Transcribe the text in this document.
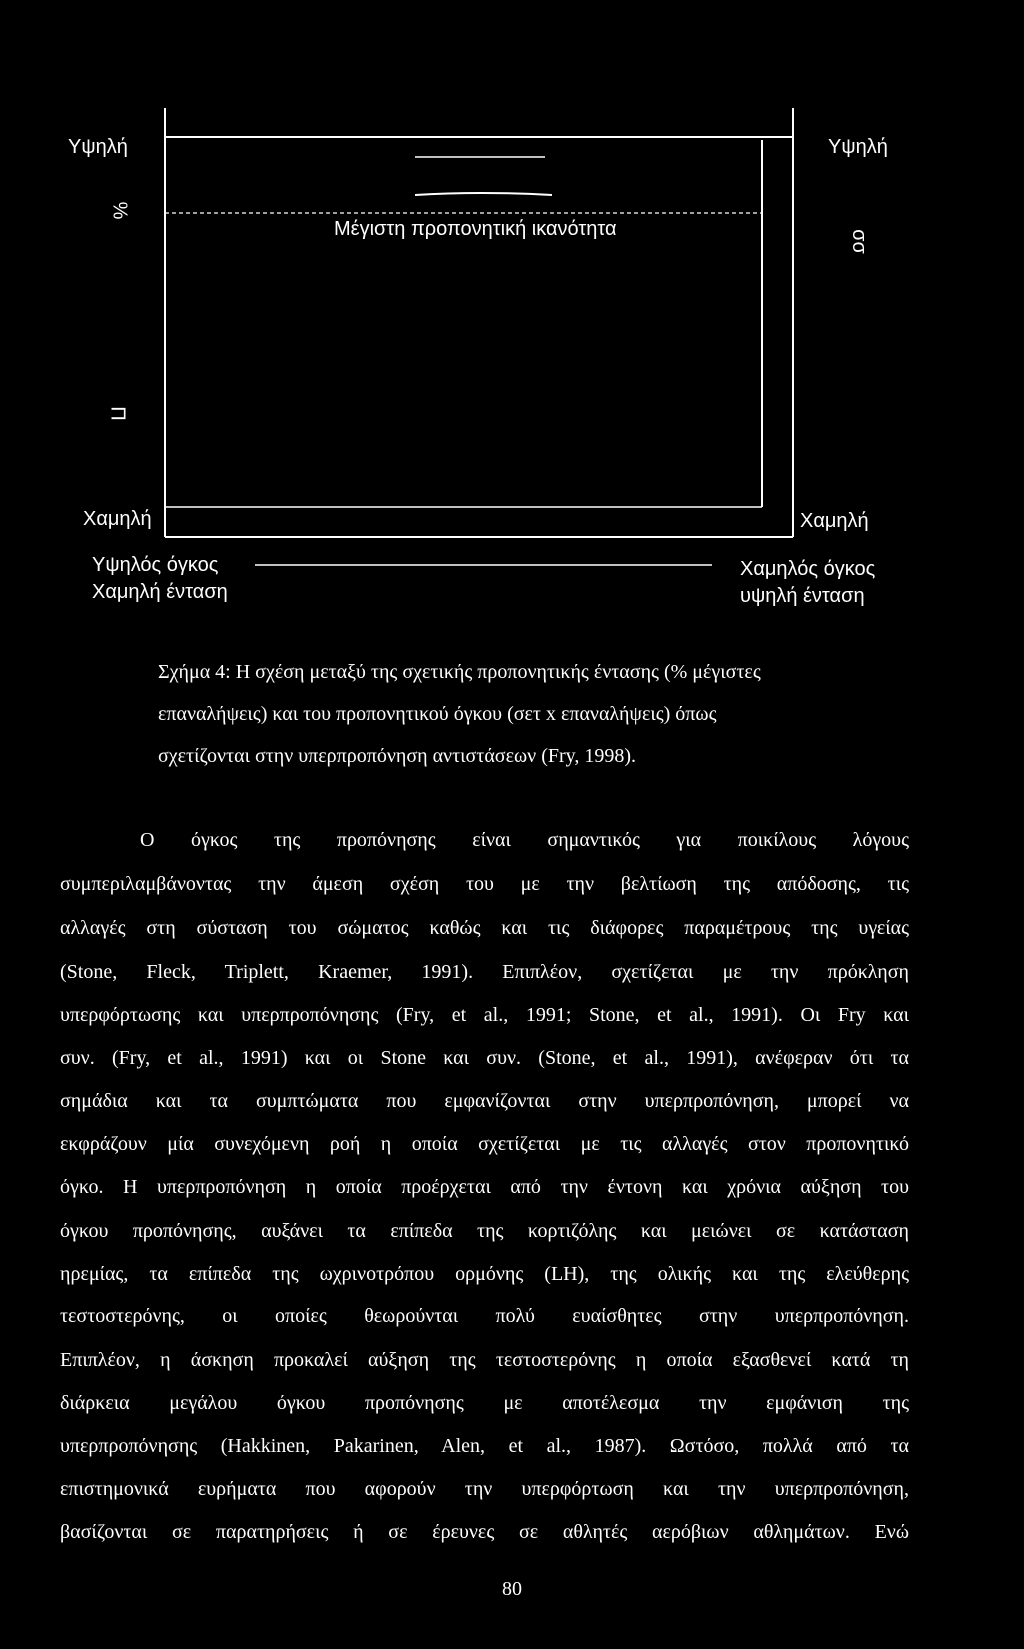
Υψηλή	Υψηλή
%
Π
σσ
Μέγιστη προπονητική ικανότητα
Χαμηλή	Χαμηλή
Υψηλός όγκος
Χαμηλή ένταση
Χαμηλός όγκος
υψηλή ένταση
Σχήμα 4: Η σχέση μεταξύ της σχετικής προπονητικής έντασης (% μέγιστες
επαναλήψεις) και του προπονητικού όγκου (σετ x επαναλήψεις) όπως
σχετίζονται στην υπερπροπόνηση αντιστάσεων (Fry, 1998).
Ο όγκος της προπόνησης είναι σημαντικός για ποικίλους λόγους
συμπεριλαμβάνοντας την άμεση σχέση του με την βελτίωση της απόδοσης, τις
αλλαγές στη σύσταση του σώματος καθώς και τις διάφορες παραμέτρους της υγείας
(Stone, Fleck, Triplett, Kraemer, 1991). Επιπλέον, σχετίζεται με την πρόκληση
υπερφόρτωσης και υπερπροπόνησης (Fry, et al., 1991; Stone, et al., 1991). Οι Fry και
συν. (Fry, et al., 1991) και οι Stone και συν. (Stone, et al., 1991), ανέφεραν ότι τα
σημάδια και τα συμπτώματα που εμφανίζονται στην υπερπροπόνηση, μπορεί να
εκφράζουν μία συνεχόμενη ροή η οποία σχετίζεται με τις αλλαγές στον προπονητικό
όγκο. Η υπερπροπόνηση η οποία προέρχεται από την έντονη και χρόνια αύξηση του
όγκου προπόνησης, αυξάνει τα επίπεδα της κορτιζόλης και μειώνει σε κατάσταση
ηρεμίας, τα επίπεδα της ωχρινοτρόπου ορμόνης (LH), της ολικής και της ελεύθερης
τεστοστερόνης, οι οποίες θεωρούνται πολύ ευαίσθητες στην υπερπροπόνηση.
Επιπλέον, η άσκηση προκαλεί αύξηση της τεστοστερόνης η οποία εξασθενεί κατά τη
διάρκεια μεγάλου όγκου προπόνησης με αποτέλεσμα την εμφάνιση της
υπερπροπόνησης (Hakkinen, Pakarinen, Alen, et al., 1987). Ωστόσο, πολλά από τα
επιστημονικά ευρήματα που αφορούν την υπερφόρτωση και την υπερπροπόνηση,
βασίζονται σε παρατηρήσεις ή σε έρευνες σε αθλητές αερόβιων αθλημάτων. Ενώ
80
